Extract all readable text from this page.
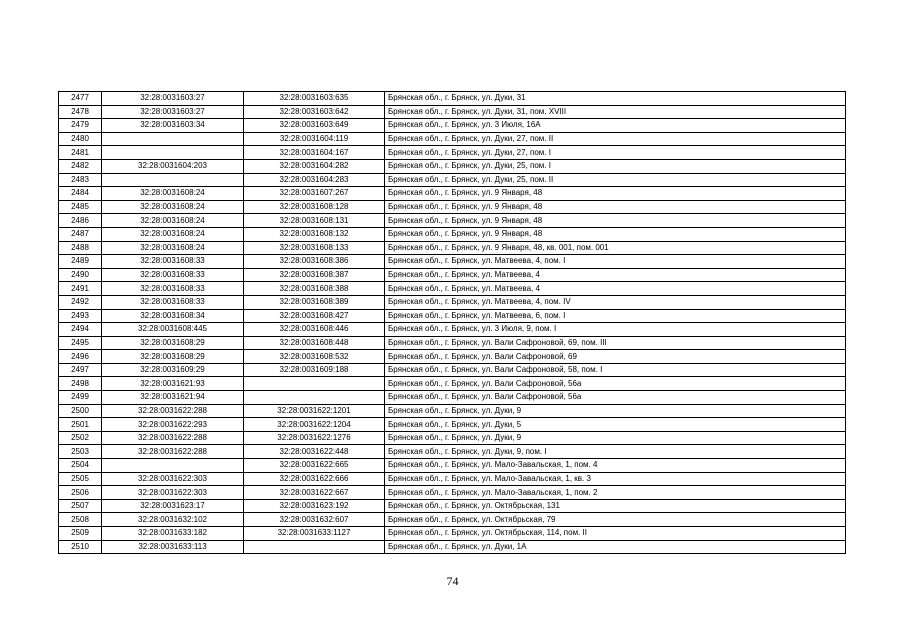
2477	32:28:0031603:27	32:28:0031603:635	Брянская обл., г. Брянск, ул. Дуки, 31
2478	32:28:0031603:27	32:28:0031603:642	Брянская обл., г. Брянск, ул. Дуки, 31, пом. XVIII
2479	32:28:0031603:34	32:28:0031603:649	Брянская обл., г. Брянск, ул. 3 Июля, 16А
2480		32:28:0031604:119	Брянская обл., г. Брянск, ул. Дуки, 27, пом. II
2481		32:28:0031604:167	Брянская обл., г. Брянск, ул. Дуки, 27, пом. I
2482	32:28:0031604:203	32:28:0031604:282	Брянская обл., г. Брянск, ул. Дуки, 25, пом. I
2483		32:28:0031604:283	Брянская обл., г. Брянск, ул. Дуки, 25, пом. II
2484	32:28:0031608:24	32:28:0031607:267	Брянская обл., г. Брянск, ул. 9 Января, 48
2485	32:28:0031608:24	32:28:0031608:128	Брянская обл., г. Брянск, ул. 9 Января, 48
2486	32:28:0031608:24	32:28:0031608:131	Брянская обл., г. Брянск, ул. 9 Января, 48
2487	32:28:0031608:24	32:28:0031608:132	Брянская обл., г. Брянск, ул. 9 Января, 48
2488	32:28:0031608:24	32:28:0031608:133	Брянская обл., г. Брянск, ул. 9 Января, 48, кв. 001, пом. 001
2489	32:28:0031608:33	32:28:0031608:386	Брянская обл., г. Брянск, ул. Матвеева, 4, пом. I
2490	32:28:0031608:33	32:28:0031608:387	Брянская обл., г. Брянск, ул. Матвеева, 4
2491	32:28:0031608:33	32:28:0031608:388	Брянская обл., г. Брянск, ул. Матвеева, 4
2492	32:28:0031608:33	32:28:0031608:389	Брянская обл., г. Брянск, ул. Матвеева, 4, пом. IV
2493	32:28:0031608:34	32:28:0031608:427	Брянская обл., г. Брянск, ул. Матвеева, 6, пом. I
2494	32:28:0031608:445	32:28:0031608:446	Брянская обл., г. Брянск, ул. 3 Июля, 9, пом. I
2495	32:28:0031608:29	32:28:0031608:448	Брянская обл., г. Брянск, ул. Вали Сафроновой, 69, пом. III
2496	32:28:0031608:29	32:28:0031608:532	Брянская обл., г. Брянск, ул. Вали Сафроновой, 69
2497	32:28:0031609:29	32:28:0031609:188	Брянская обл., г. Брянск, ул. Вали Сафроновой, 58, пом. I
2498	32:28:0031621:93		Брянская обл., г. Брянск, ул. Вали Сафроновой, 56а
2499	32:28:0031621:94		Брянская обл., г. Брянск, ул. Вали Сафроновой, 56а
2500	32:28:0031622:288	32:28:0031622:1201	Брянская обл., г. Брянск, ул. Дуки, 9
2501	32:28:0031622:293	32:28:0031622:1204	Брянская обл., г. Брянск, ул. Дуки, 5
2502	32:28:0031622:288	32:28:0031622:1276	Брянская обл., г. Брянск, ул. Дуки, 9
2503	32:28:0031622:288	32:28:0031622:448	Брянская обл., г. Брянск, ул. Дуки, 9, пом. I
2504		32:28:0031622:665	Брянская обл., г. Брянск, ул. Мало-Завальская, 1, пом. 4
2505	32:28:0031622:303	32:28:0031622:666	Брянская обл., г. Брянск, ул. Мало-Завальская, 1, кв. 3
2506	32:28:0031622:303	32:28:0031622:667	Брянская обл., г. Брянск, ул. Мало-Завальская, 1, пом. 2
2507	32:28:0031623:17	32:28:0031623:192	Брянская обл., г. Брянск, ул. Октябрьская, 131
2508	32:28:0031632:102	32:28:0031632:607	Брянская обл., г. Брянск, ул. Октябрьская, 79
2509	32:28:0031633:182	32:28:0031633:1127	Брянская обл., г. Брянск, ул. Октябрьская, 114, пом. II
2510	32:28:0031633:113		Брянская обл., г. Брянск, ул. Дуки, 1А
74
